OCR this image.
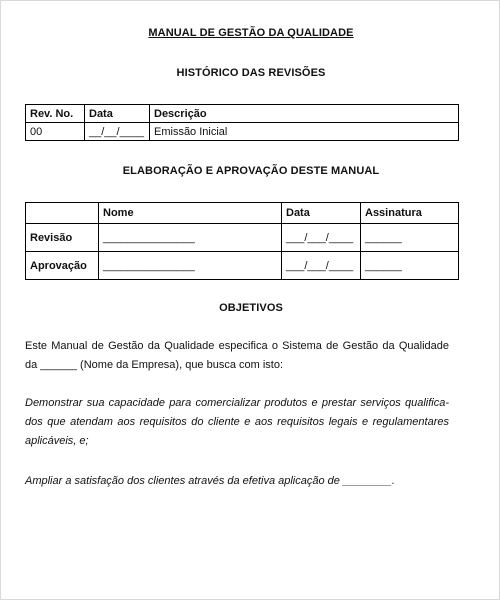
MANUAL DE GESTÃO DA QUALIDADE
HISTÓRICO DAS REVISÕES
Rev. No.	Data	Descrição
00	__/__/____	Emissão Inicial
ELABORAÇÃO E APROVAÇÃO DESTE MANUAL
	Nome	Data	Assinatura
Revisão	_______________	___/___/____	______
Aprovação	_______________	___/___/____	______
OBJETIVOS
Este Manual de Gestão da Qualidade especifica o Sistema de Gestão da Qualidade da ______ (Nome da Empresa), que busca com isto:
Demonstrar sua capacidade para comercializar produtos e prestar serviços qualifica-dos que atendam aos requisitos do cliente e aos requisitos legais e regulamentares aplicáveis, e;
Ampliar a satisfação dos clientes através da efetiva aplicação de ________.
